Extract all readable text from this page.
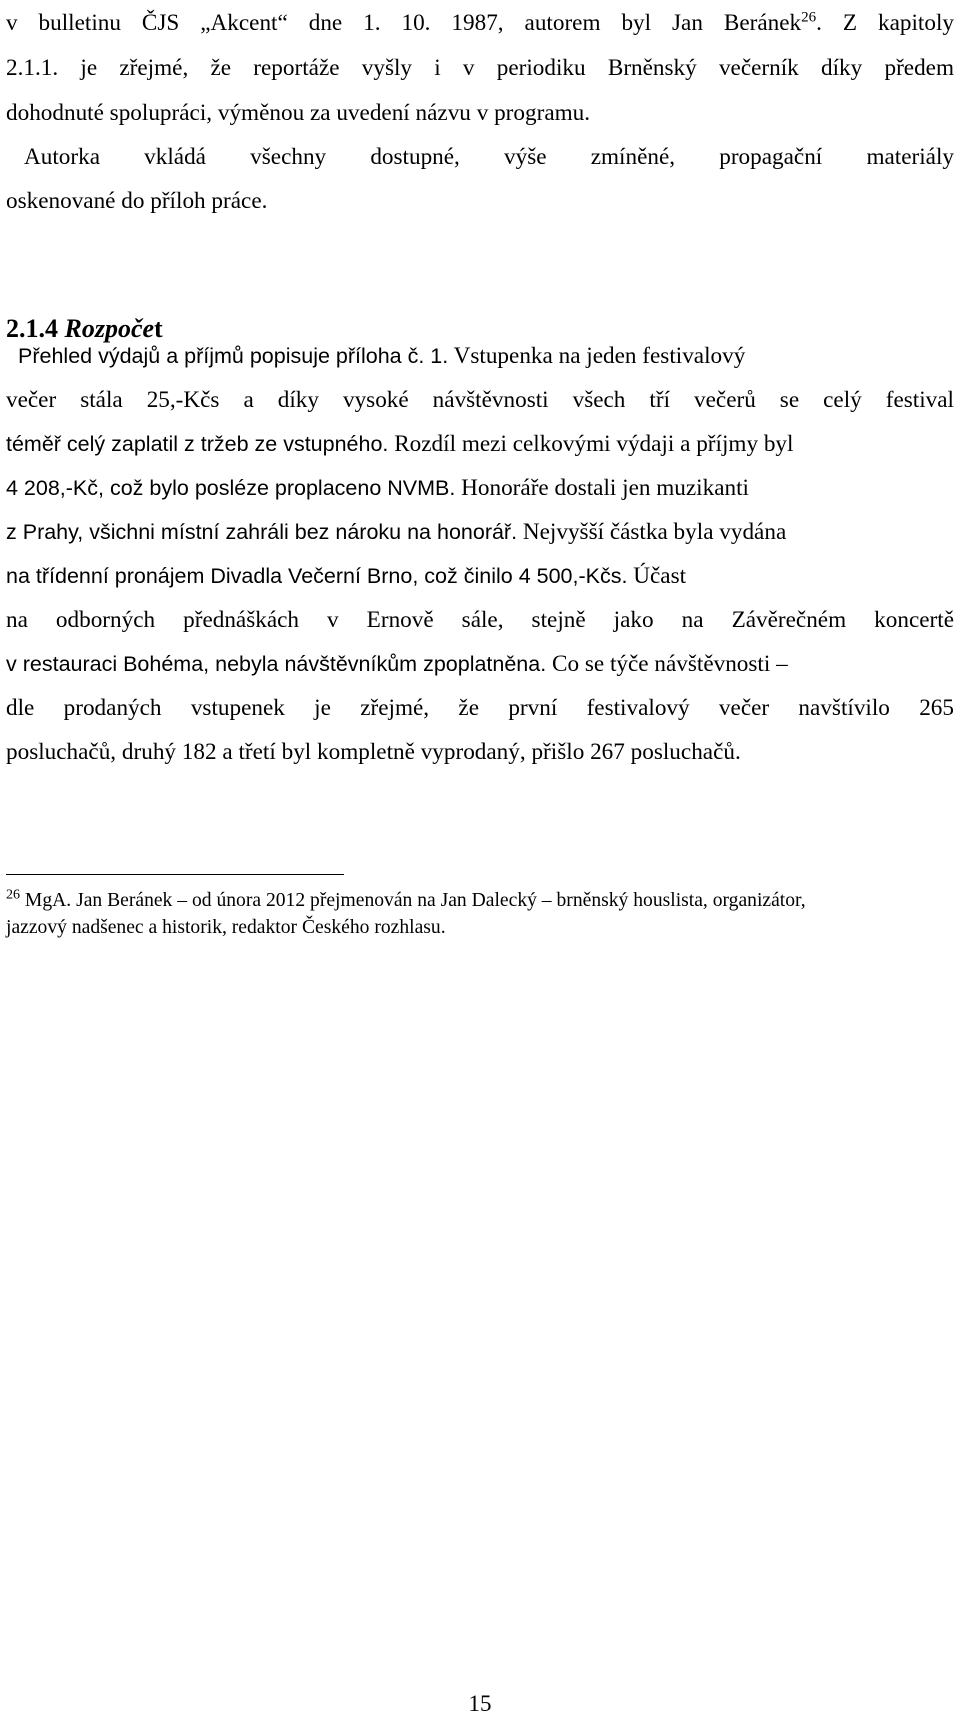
v bulletinu ČJS „Akcent“ dne 1. 10. 1987, autorem byl Jan Beránek$^{26}$. Z kapitoly
2.1.1. je zřejmé, že reportáže vyšly i v periodiku Brněnský večerník díky předem
dohodnuté spolupráci, výměnou za uvedení názvu v programu.
Autorka vkládá všechny dostupné, výše zmíněné, propagační materiály
oskenované do příloh práce.
2.1.4 Rozpočet
Přehled výdajů a příjmů popisuje příloha č. 1. Vstupenka na jeden festivalový
večer stála 25,-Kčs a díky vysoké návštěvnosti všech tří večerů se celý festival
téměř celý zaplatil z tržeb ze vstupného. Rozdíl mezi celkovými výdaji a příjmy byl
4 208,-Kč, což bylo posléze proplaceno NVMB. Honoráře dostali jen muzikanti
z Prahy, všichni místní zahráli bez nároku na honorář. Nejvyšší částka byla vydána
na třídenní pronájem Divadla Večerní Brno, což činilo 4 500,-Kčs. Účast
na odborných přednáškách v Ernově sále, stejně jako na Závěrečném koncertě
v restauraci Bohéma, nebyla návštěvníkům zpoplatněna. Co se týče návštěvnosti –
dle prodaných vstupenek je zřejmé, že první festivalový večer navštívilo 265
posluchačů, druhý 182 a třetí byl kompletně vyprodaný, přišlo 267 posluchačů.
$^{26}$ MgA. Jan Beránek – od února 2012 přejmenován na Jan Dalecký – brněnský houslista, organizátor,
jazzový nadšenec a historik, redaktor Českého rozhlasu.
15
